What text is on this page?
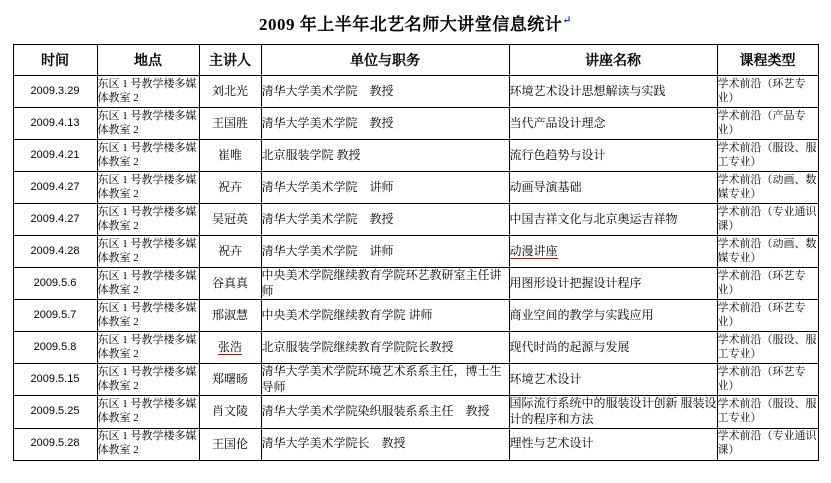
2009 年上半年北艺名师大讲堂信息统计↵
时间	地点	主讲人	单位与职务	讲座名称	课程类型
2009.3.29	东区 1 号教学楼多媒体教室 2	刘北光	清华大学美术学院　教授	环境艺术设计思想解读与实践	学术前沿（环艺专业）
2009.4.13	东区 1 号教学楼多媒体教室 2	王国胜	清华大学美术学院　教授	当代产品设计理念	学术前沿（产品专业）
2009.4.21	东区 1 号教学楼多媒体教室 2	崔唯	北京服装学院 教授	流行色趋势与设计	学术前沿（服设、服工专业）
2009.4.27	东区 1 号教学楼多媒体教室 2	祝卉	清华大学美术学院　讲师	动画导演基础	学术前沿（动画、数媒专业）
2009.4.27	东区 1 号教学楼多媒体教室 2	吴冠英	清华大学美术学院　教授	中国吉祥文化与北京奥运吉祥物	学术前沿（专业通识课）
2009.4.28	东区 1 号教学楼多媒体教室 2	祝卉	清华大学美术学院　讲师	动漫讲座	学术前沿（动画、数媒专业）
2009.5.6	东区 1 号教学楼多媒体教室 2	谷真真	中央美术学院继续教育学院环艺教研室主任讲师	用图形设计把握设计程序	学术前沿（环艺专业）
2009.5.7	东区 1 号教学楼多媒体教室 2	邢淑慧	中央美术学院继续教育学院 讲师	商业空间的教学与实践应用	学术前沿（环艺专业）
2009.5.8	东区 1 号教学楼多媒体教室 2	张浩	北京服装学院继续教育学院院长教授	现代时尚的起源与发展	学术前沿（服设、服工专业）
2009.5.15	东区 1 号教学楼多媒体教室 2	郑曙旸	清华大学美术学院环境艺术系系主任，博士生导师	环境艺术设计	学术前沿（环艺专业）
2009.5.25	东区 1 号教学楼多媒体教室 2	肖文陵	清华大学美术学院染织服装系系主任　教授	国际流行系统中的服装设计创新 服装设计的程序和方法	学术前沿（服设、服工专业）
2009.5.28	东区 1 号教学楼多媒体教室 2	王国伦	清华大学美术学院长　教授	理性与艺术设计	学术前沿（专业通识课）
